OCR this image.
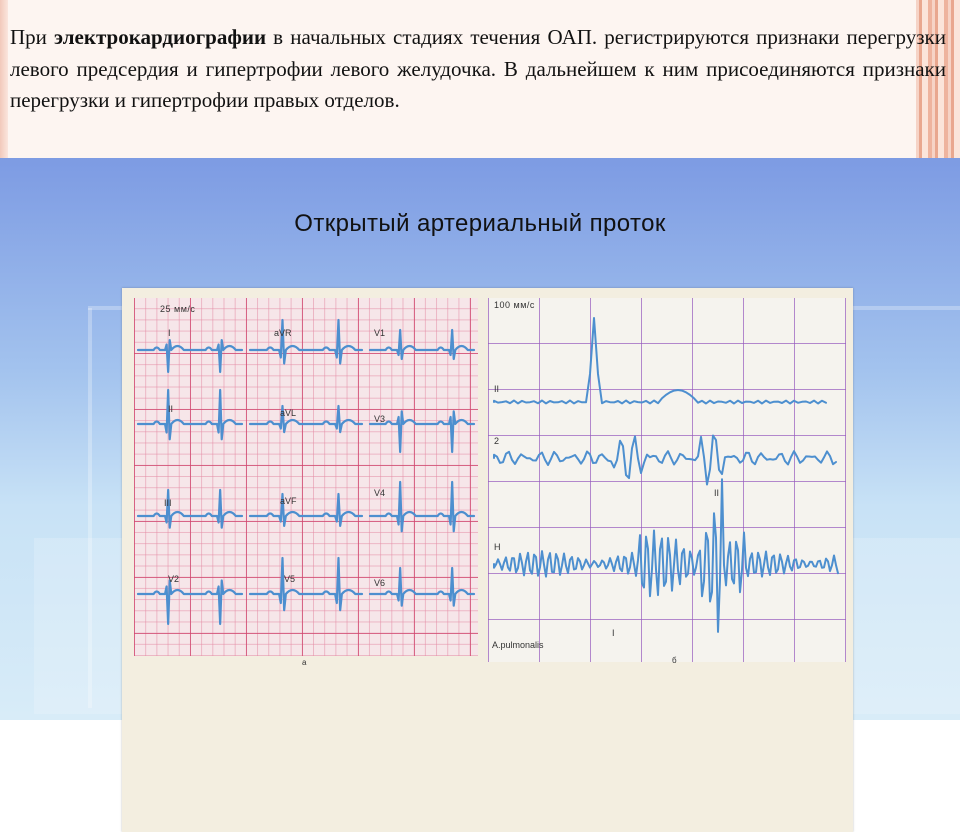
При электрокардиографии в начальных стадиях течения ОАП. регистрируются признаки перегрузки левого предсердия и гипертрофии левого желудочка. В дальнейшем к ним присоединяются признаки перегрузки и гипертрофии правых отделов.

Открытый артериальный проток
25 мм/с
I	aVR	V1
II	aVL
V3
III	aVF
V4
V2	V5	V6
а
100 мм/с
II
2
H
II
I
A.pulmonalis
б
